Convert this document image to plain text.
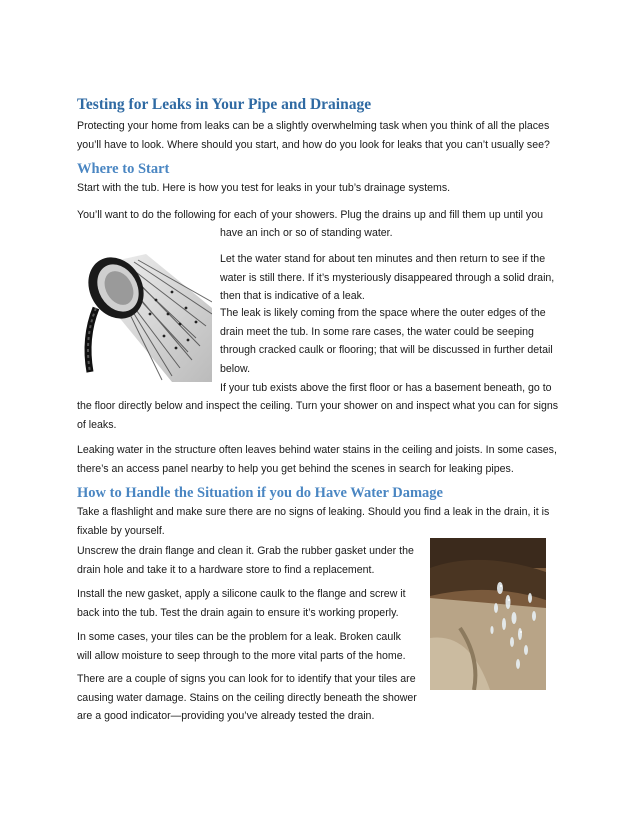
Testing for Leaks in Your Pipe and Drainage

Protecting your home from leaks can be a slightly overwhelming task when you think of all the places you’ll have to look. Where should you start, and how do you look for leaks that you can’t usually see?

Where to Start

Start with the tub. Here is how you test for leaks in your tub’s drainage systems.

You’ll want to do the following for each of your showers. Plug the drains up and fill them up until you

have an inch or so of standing water.

Let the water stand for about ten minutes and then return to see if the water is still there. If it’s mysteriously disappeared through a solid drain, then that is indicative of a leak.

The leak is likely coming from the space where the outer edges of the drain meet the tub. In some rare cases, the water could be seeping through cracked caulk or flooring; that will be discussed in further detail below.

If your tub exists above the first floor or has a basement beneath, go to

the floor directly below and inspect the ceiling. Turn your shower on and inspect what you can for signs of leaks.

Leaking water in the structure often leaves behind water stains in the ceiling and joists. In some cases, there’s an access panel nearby to help you get behind the scenes in search for leaking pipes.

How to Handle the Situation if you do Have Water Damage

Take a flashlight and make sure there are no signs of leaking. Should you find a leak in the drain, it is fixable by yourself.

Unscrew the drain flange and clean it. Grab the rubber gasket under the drain hole and take it to a hardware store to find a replacement.

Install the new gasket, apply a silicone caulk to the flange and screw it back into the tub. Test the drain again to ensure it’s working properly.

In some cases, your tiles can be the problem for a leak. Broken caulk will allow moisture to seep through to the more vital parts of the home.

There are a couple of signs you can look for to identify that your tiles are causing water damage. Stains on the ceiling directly beneath the shower are a good indicator—providing you’ve already tested the drain.
